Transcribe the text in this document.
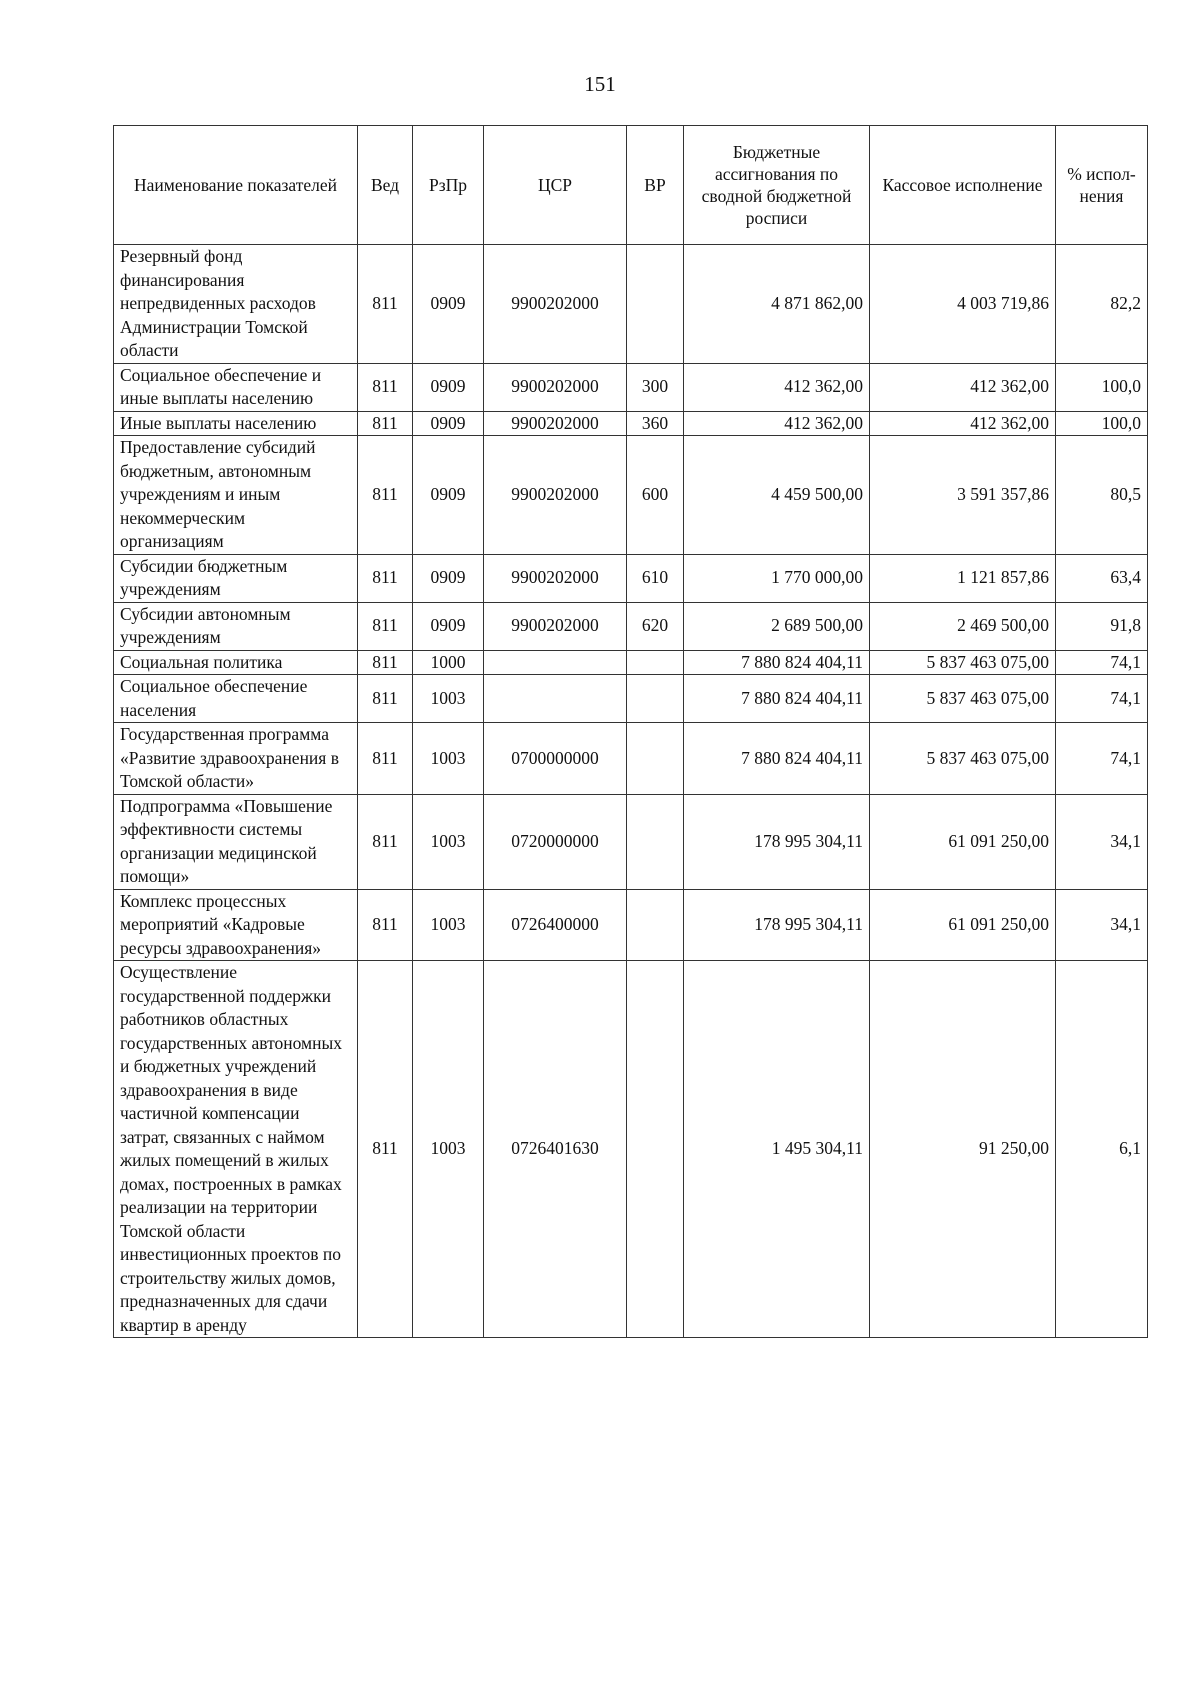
151
Наименование показателей	Вед	РзПр	ЦСР	ВР	Бюджетные ассигнования по сводной бюджетной росписи	Кассовое исполнение	% испол-нения
Резервный фонд финансирования непредвиденных расходов Администрации Томской области	811	0909	9900202000		4 871 862,00	4 003 719,86	82,2
Социальное обеспечение и иные выплаты населению	811	0909	9900202000	300	412 362,00	412 362,00	100,0
Иные выплаты населению	811	0909	9900202000	360	412 362,00	412 362,00	100,0
Предоставление субсидий бюджетным, автономным учреждениям и иным некоммерческим организациям	811	0909	9900202000	600	4 459 500,00	3 591 357,86	80,5
Субсидии бюджетным учреждениям	811	0909	9900202000	610	1 770 000,00	1 121 857,86	63,4
Субсидии автономным учреждениям	811	0909	9900202000	620	2 689 500,00	2 469 500,00	91,8
Социальная политика	811	1000			7 880 824 404,11	5 837 463 075,00	74,1
Социальное обеспечение населения	811	1003			7 880 824 404,11	5 837 463 075,00	74,1
Государственная программа «Развитие здравоохранения в Томской области»	811	1003	0700000000		7 880 824 404,11	5 837 463 075,00	74,1
Подпрограмма «Повышение эффективности системы организации медицинской помощи»	811	1003	0720000000		178 995 304,11	61 091 250,00	34,1
Комплекс процессных мероприятий «Кадровые ресурсы здравоохранения»	811	1003	0726400000		178 995 304,11	61 091 250,00	34,1
Осуществление государственной поддержки работников областных государственных автономных и бюджетных учреждений здравоохранения в виде частичной компенсации затрат, связанных с наймом жилых помещений в жилых домах, построенных в рамках реализации на территории Томской области инвестиционных проектов по строительству жилых домов, предназначенных для сдачи квартир в аренду	811	1003	0726401630		1 495 304,11	91 250,00	6,1
